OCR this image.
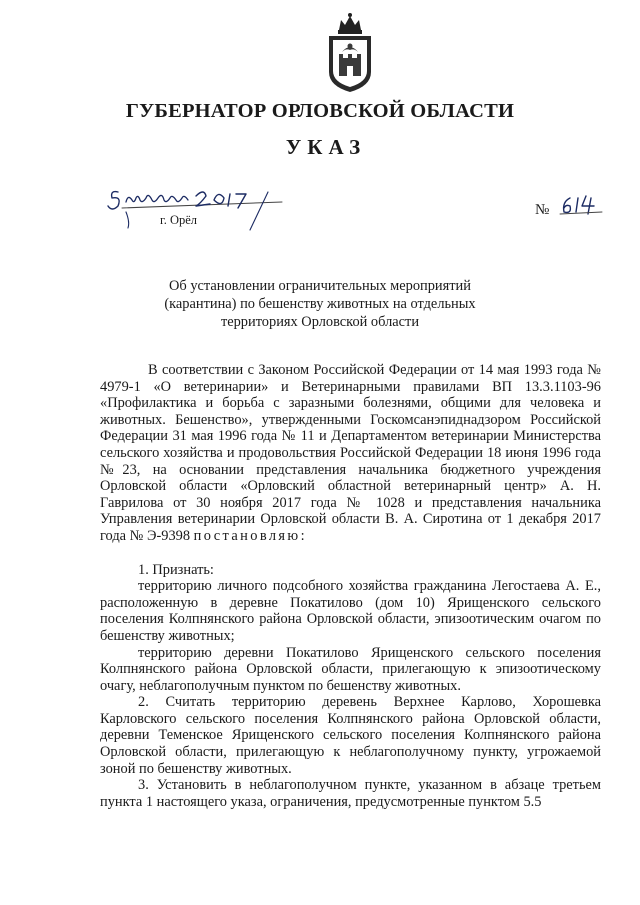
ГУБЕРНАТОР ОРЛОВСКОЙ ОБЛАСТИ
УКАЗ
г. Орёл
№
Об установлении ограничительных мероприятий
(карантина) по бешенству животных на отдельных
территориях Орловской области

В соответствии с Законом Российской Федерации от 14 мая 1993 года № 4979-1 «О ветеринарии» и Ветеринарными правилами ВП 13.3.1103-96 «Профилактика и борьба с заразными болезнями, общими для человека и животных. Бешенство», утвержденными Госкомсанэпиднадзором Российской Федерации 31 мая 1996 года № 11 и Департаментом ветеринарии Министерства сельского хозяйства и продовольствия Российской Федерации 18 июня 1996 года №23, на основании представления начальника бюджетного учреждения Орловской области «Орловский областной ветеринарный центр» А. Н. Гаврилова от 30 ноября 2017 года № 1028 и представления начальника Управления ветеринарии Орловской области В. А. Сиротина от 1 декабря 2017 года № Э-9398 постановляю:

1. Признать:

территорию личного подсобного хозяйства гражданина Легостаева А. Е., расположенную в деревне Покатилово (дом 10) Ярищенского сельского поселения Колпнянского района Орловской области, эпизоотическим очагом по бешенству животных;

территорию деревни Покатилово Ярищенского сельского поселения Колпнянского района Орловской области, прилегающую к эпизоотическому очагу, неблагополучным пунктом по бешенству животных.

2. Считать территорию деревень Верхнее Карлово, Хорошевка Карловского сельского поселения Колпнянского района Орловской области, деревни Теменское Ярищенского сельского поселения Колпнянского района Орловской области, прилегающую к неблагополучному пункту, угрожаемой зоной по бешенству животных.

3. Установить в неблагополучном пункте, указанном в абзаце третьем пункта 1 настоящего указа, ограничения, предусмотренные пунктом 5.5
